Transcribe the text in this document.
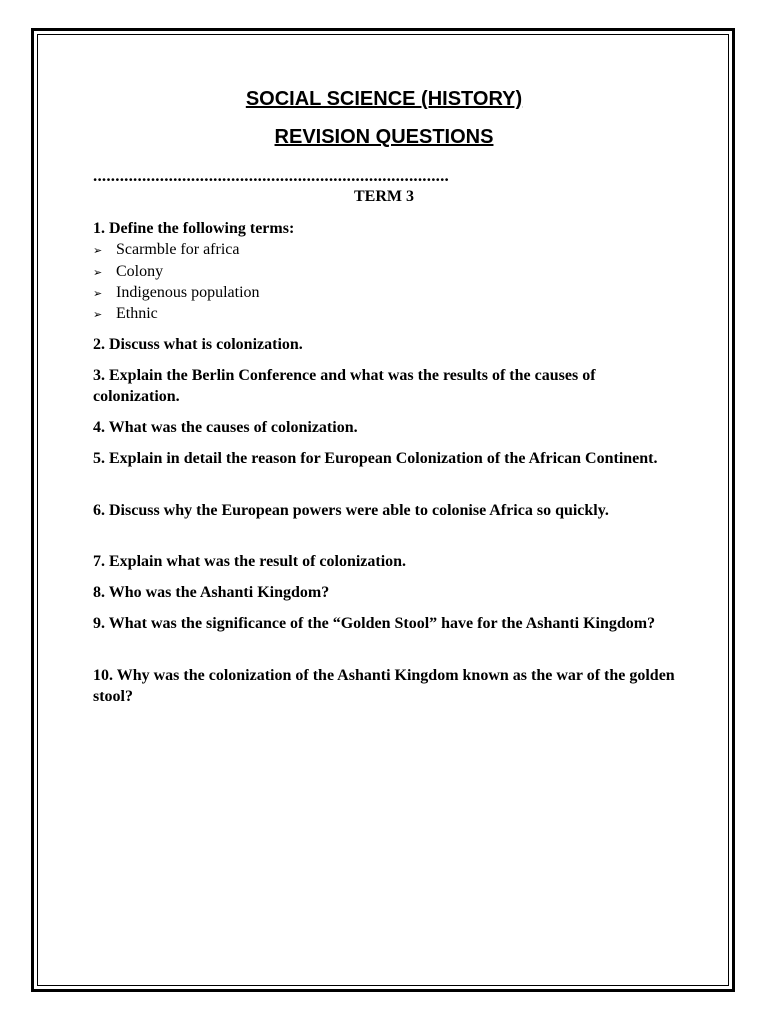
SOCIAL SCIENCE (HISTORY)
REVISION QUESTIONS
................................................................................
TERM 3
1. Define the following terms:
➢ Scarmble for africa
➢ Colony
➢ Indigenous population
➢ Ethnic
2. Discuss what is colonization.
3. Explain the Berlin Conference and what was the results of the causes of colonization.
4. What was the causes of colonization.
5. Explain in detail the reason for European Colonization of the African Continent.
6. Discuss why the European powers were able to colonise Africa so quickly.
7. Explain what was the result of colonization.
8. Who was the Ashanti Kingdom?
9. What was the significance of the “Golden Stool” have for the Ashanti Kingdom?
10. Why was the colonization of the Ashanti Kingdom known as the war of the golden stool?
